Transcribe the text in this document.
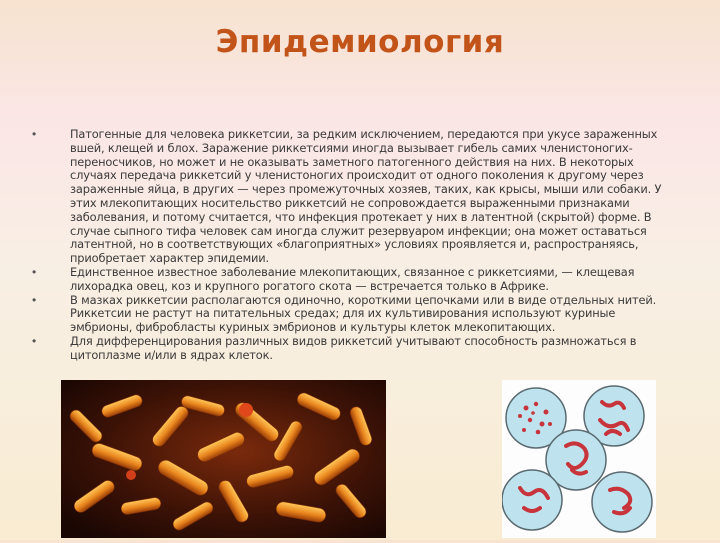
Эпидемиология
•	Патогенные для человека риккетсии, за редким исключением, передаются при укусе зараженных вшей, клещей и блох. Заражение риккетсиями иногда вызывает гибель самих членистоногих-переносчиков, но может и не оказывать заметного патогенного действия на них. В некоторых случаях передача риккетсий у членистоногих происходит от одного поколения к другому через зараженные яйца, в других — через промежуточных хозяев, таких, как крысы, мыши или собаки. У этих млекопитающих носительство риккетсий не сопровождается выраженными признаками заболевания, и потому считается, что инфекция протекает у них в латентной (скрытой) форме. В случае сыпного тифа человек сам иногда служит резервуаром инфекции; она может оставаться латентной, но в соответствующих «благоприятных» условиях проявляется и, распространяясь, приобретает характер эпидемии.
•	Единственное известное заболевание млекопитающих, связанное с риккетсиями, — клещевая лихорадка овец, коз и крупного рогатого скота — встречается только в Африке.
•	В мазках риккетсии располагаются одиночно, короткими цепочками или в виде отдельных нитей. Риккетсии не растут на питательных средах; для их культивирования используют куриные эмбрионы, фибробласты куриных эмбрионов и культуры клеток млекопитающих.
•	Для дифференцирования различных видов риккетсий учитывают способность размножаться в цитоплазме и/или в ядрах клеток.
